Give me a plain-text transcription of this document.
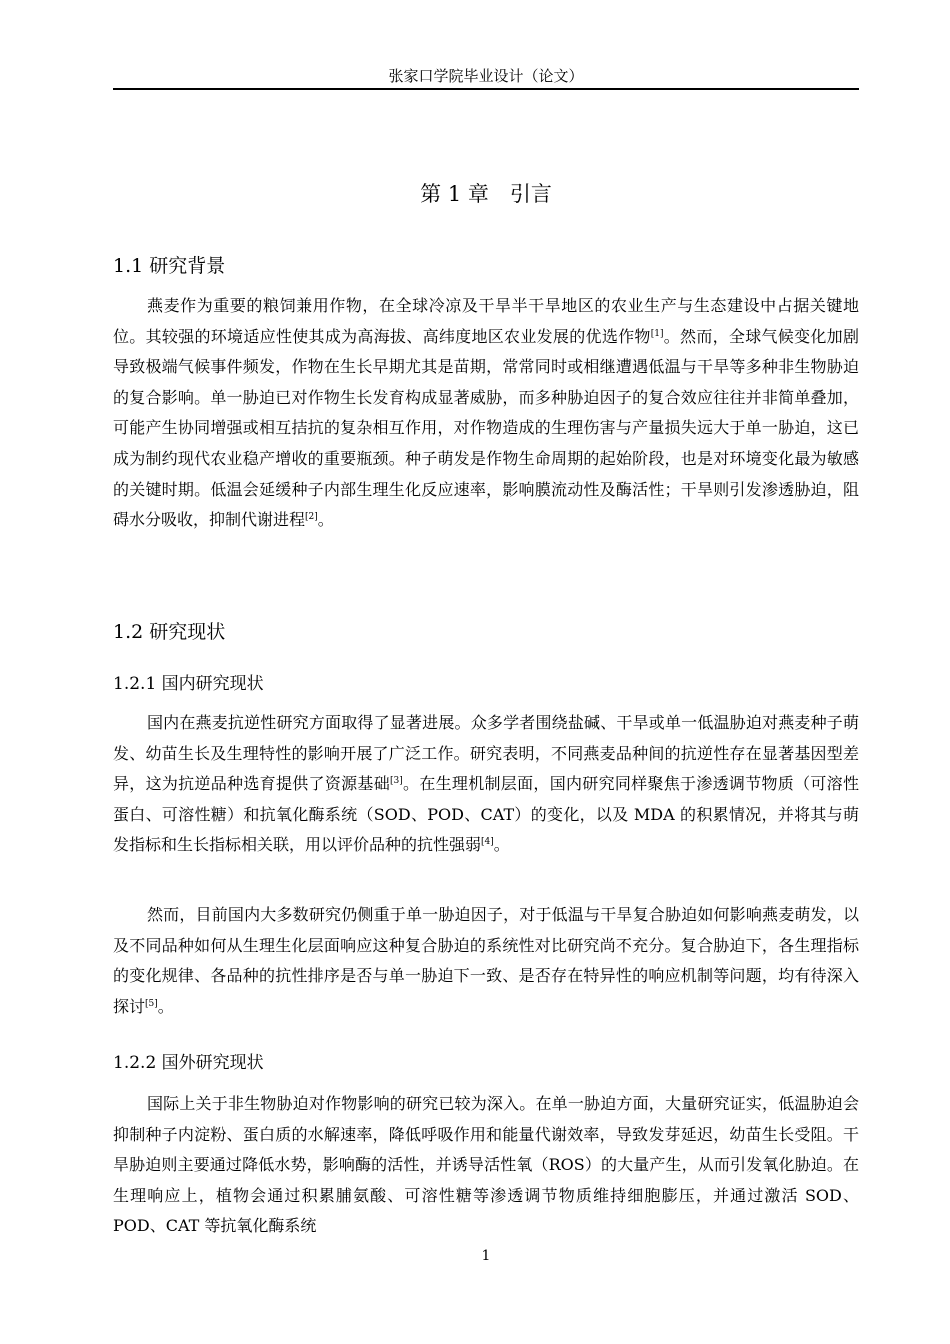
张家口学院毕业设计（论文）
第 1 章　引言
1.1 研究背景

燕麦作为重要的粮饲兼用作物，在全球冷凉及干旱半干旱地区的农业生产与生态建设中占据关键地位。其较强的环境适应性使其成为高海拔、高纬度地区农业发展的优选作物[1]。然而，全球气候变化加剧导致极端气候事件频发，作物在生长早期尤其是苗期，常常同时或相继遭遇低温与干旱等多种非生物胁迫的复合影响。单一胁迫已对作物生长发育构成显著威胁，而多种胁迫因子的复合效应往往并非简单叠加，可能产生协同增强或相互拮抗的复杂相互作用，对作物造成的生理伤害与产量损失远大于单一胁迫，这已成为制约现代农业稳产增收的重要瓶颈。种子萌发是作物生命周期的起始阶段，也是对环境变化最为敏感的关键时期。低温会延缓种子内部生理生化反应速率，影响膜流动性及酶活性；干旱则引发渗透胁迫，阻碍水分吸收，抑制代谢进程[2]。

1.2 研究现状
1.2.1 国内研究现状

国内在燕麦抗逆性研究方面取得了显著进展。众多学者围绕盐碱、干旱或单一低温胁迫对燕麦种子萌发、幼苗生长及生理特性的影响开展了广泛工作。研究表明，不同燕麦品种间的抗逆性存在显著基因型差异，这为抗逆品种选育提供了资源基础[3]。在生理机制层面，国内研究同样聚焦于渗透调节物质（可溶性蛋白、可溶性糖）和抗氧化酶系统（SOD、POD、CAT）的变化，以及 MDA 的积累情况，并将其与萌发指标和生长指标相关联，用以评价品种的抗性强弱[4]。

然而，目前国内大多数研究仍侧重于单一胁迫因子，对于低温与干旱复合胁迫如何影响燕麦萌发，以及不同品种如何从生理生化层面响应这种复合胁迫的系统性对比研究尚不充分。复合胁迫下，各生理指标的变化规律、各品种的抗性排序是否与单一胁迫下一致、是否存在特异性的响应机制等问题，均有待深入探讨[5]。

1.2.2 国外研究现状

国际上关于非生物胁迫对作物影响的研究已较为深入。在单一胁迫方面，大量研究证实，低温胁迫会抑制种子内淀粉、蛋白质的水解速率，降低呼吸作用和能量代谢效率，导致发芽延迟，幼苗生长受阻。干旱胁迫则主要通过降低水势，影响酶的活性，并诱导活性氧（ROS）的大量产生，从而引发氧化胁迫。在生理响应上，植物会通过积累脯氨酸、可溶性糖等渗透调节物质维持细胞膨压，并通过激活 SOD、POD、CAT 等抗氧化酶系统

1
